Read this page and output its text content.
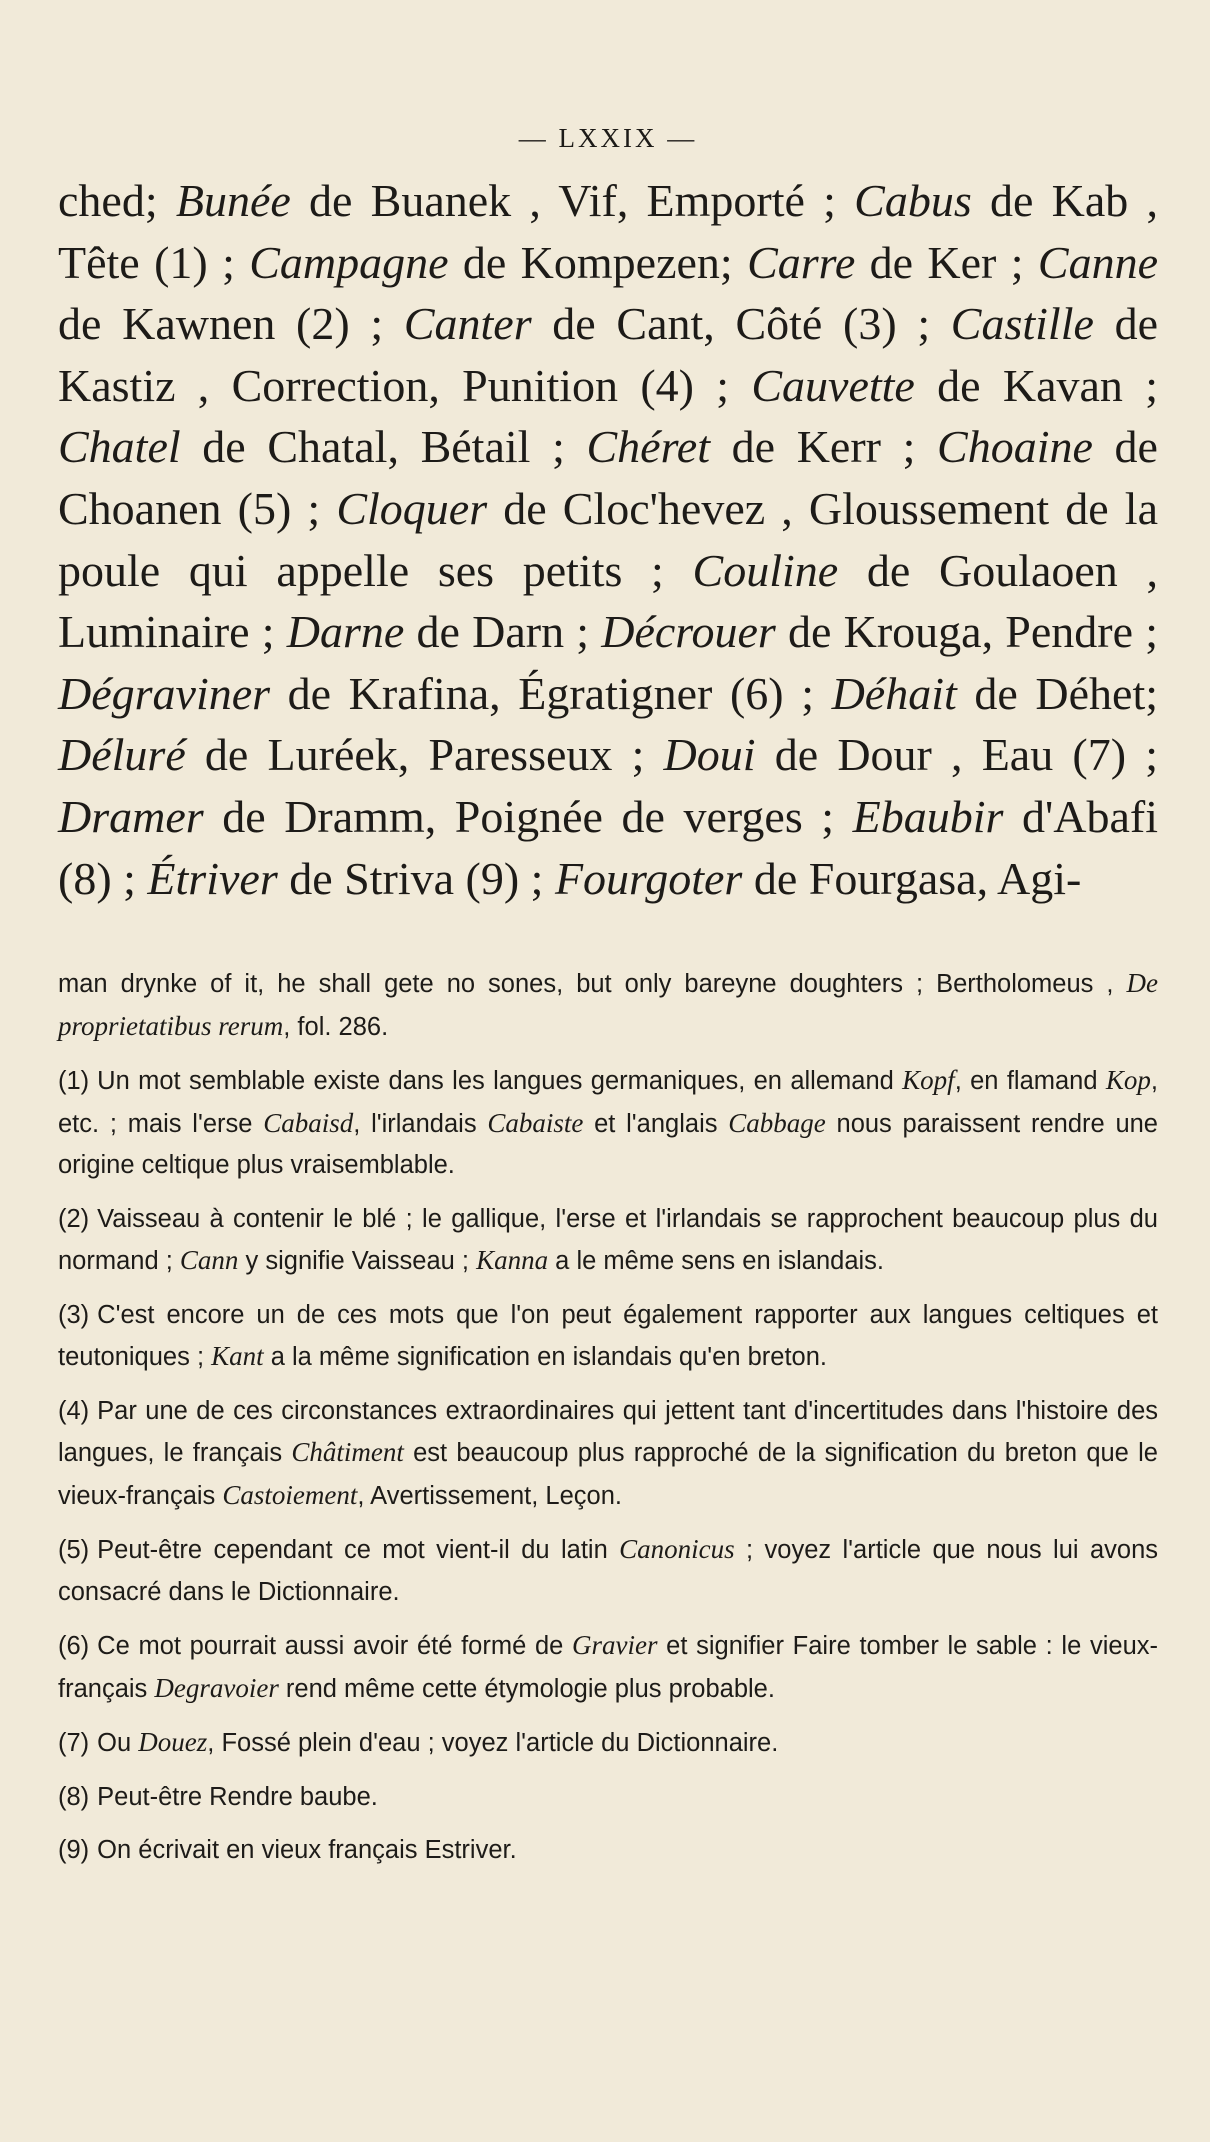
— LXXIX —
ched; Bunée de Buanek , Vif, Emporté ; Cabus de Kab , Tête (1) ; Campagne de Kompezen; Carre de Ker ; Canne de Kawnen (2) ; Canter de Cant, Côté (3) ; Castille de Kastiz , Correction, Punition (4) ; Cauvette de Kavan ; Chatel de Chatal, Bétail ; Chéret de Kerr ; Choaine de Choanen (5) ; Cloquer de Cloc'hevez , Gloussement de la poule qui appelle ses petits ; Couline de Goulaoen , Luminaire ; Darne de Darn ; Décrouer de Krouga, Pendre ; Dégraviner de Krafina, Égratigner (6) ; Déhait de Déhet; Déluré de Luréek, Paresseux ; Doui de Dour , Eau (7) ; Dramer de Dramm, Poignée de verges ; Ebaubir d'Abafi (8) ; Étriver de Striva (9) ; Fourgoter de Fourgasa, Agi-
man drynke of it, he shall gete no sones, but only bareyne doughters ; Bertholomeus , De proprietatibus rerum, fol. 286.
(1) Un mot semblable existe dans les langues germaniques, en allemand Kopf, en flamand Kop, etc. ; mais l'erse Cabaisd, l'irlandais Cabaiste et l'anglais Cabbage nous paraissent rendre une origine celtique plus vraisemblable.
(2) Vaisseau à contenir le blé ; le gallique, l'erse et l'irlandais se rapprochent beaucoup plus du normand ; Cann y signifie Vaisseau ; Kanna a le même sens en islandais.
(3) C'est encore un de ces mots que l'on peut également rapporter aux langues celtiques et teutoniques ; Kant a la même signification en islandais qu'en breton.
(4) Par une de ces circonstances extraordinaires qui jettent tant d'incertitudes dans l'histoire des langues, le français Châtiment est beaucoup plus rapproché de la signification du breton que le vieux-français Castoiement, Avertissement, Leçon.
(5) Peut-être cependant ce mot vient-il du latin Canonicus ; voyez l'article que nous lui avons consacré dans le Dictionnaire.
(6) Ce mot pourrait aussi avoir été formé de Gravier et signifier Faire tomber le sable : le vieux-français Degravoier rend même cette étymologie plus probable.
(7) Ou Douez, Fossé plein d'eau ; voyez l'article du Dictionnaire.
(8) Peut-être Rendre baube.
(9) On écrivait en vieux français Estriver.
